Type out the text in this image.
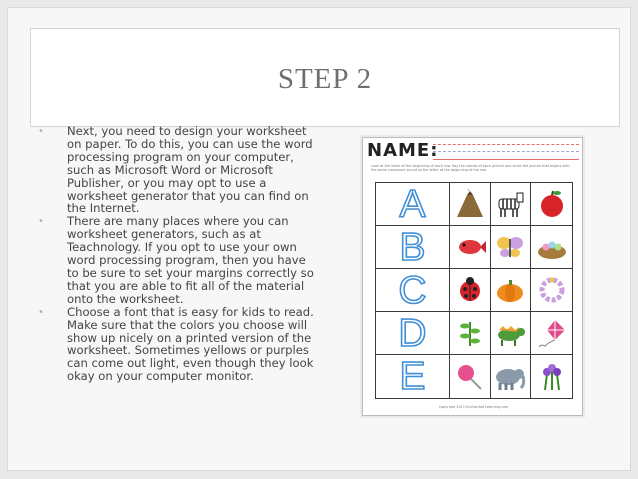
STEP 2
• Next, you need to design your worksheet on paper. To do this, you can use the word processing program on your computer, such as Microsoft Word or Microsoft Publisher, or you may opt to use a worksheet generator that you can find on the Internet.
• There are many places where you can worksheet generators, such as at Teachnology. If you opt to use your own word processing program, then you have to be sure to set your margins correctly so that you are able to fit all of the material onto the worksheet.
• Choose a font that is easy for kids to read. Make sure that the colors you choose will show up nicely on a printed version of the worksheet. Sometimes yellows or purples can come out light, even though they look okay on your computer monitor.
NAME:
Look at the letter at the beginning of each row. Say the names of each picture and circle the picture that begins with the same consonant sound as the letter at the beginning of the row.
A
B
C
D
E
Copyright 2011 Enchanted Learning.com
